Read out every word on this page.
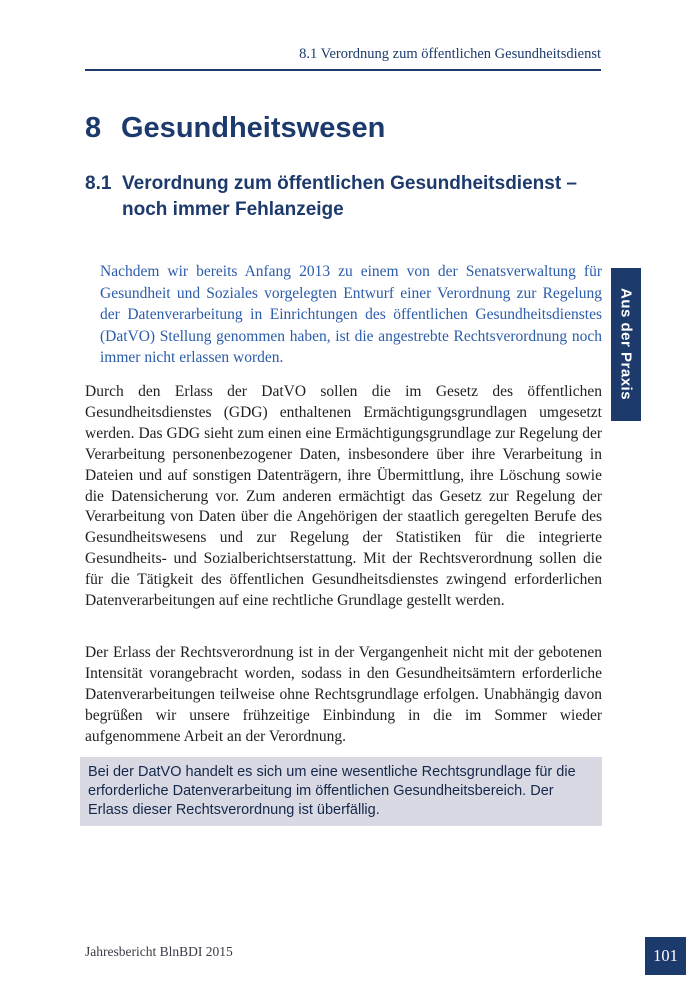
8.1 Verordnung zum öffentlichen Gesundheitsdienst
8 Gesundheitswesen
8.1 Verordnung zum öffentlichen Gesundheitsdienst –
noch immer Fehlanzeige

Nachdem wir bereits Anfang 2013 zu einem von der Senatsverwaltung für Gesundheit und Soziales vorgelegten Entwurf einer Verordnung zur Regelung der Datenverarbeitung in Einrichtungen des öffentlichen Gesundheitsdienstes (DatVO) Stellung genommen haben, ist die angestrebte Rechtsverordnung noch immer nicht erlassen worden.

Durch den Erlass der DatVO sollen die im Gesetz des öffentlichen Gesundheitsdienstes (GDG) enthaltenen Ermächtigungsgrundlagen umgesetzt werden. Das GDG sieht zum einen eine Ermächtigungsgrundlage zur Regelung der Verarbeitung personenbezogener Daten, insbesondere über ihre Verarbeitung in Dateien und auf sonstigen Datenträgern, ihre Übermittlung, ihre Löschung sowie die Datensicherung vor. Zum anderen ermächtigt das Gesetz zur Regelung der Verarbeitung von Daten über die Angehörigen der staatlich geregelten Berufe des Gesundheitswesens und zur Regelung der Statistiken für die integrierte Gesundheits- und Sozialberichtserstattung. Mit der Rechtsverordnung sollen die für die Tätigkeit des öffentlichen Gesundheitsdienstes zwingend erforderlichen Datenverarbeitungen auf eine rechtliche Grundlage gestellt werden.

Der Erlass der Rechtsverordnung ist in der Vergangenheit nicht mit der gebotenen Intensität vorangebracht worden, sodass in den Gesundheitsämtern erforderliche Datenverarbeitungen teilweise ohne Rechtsgrundlage erfolgen. Unabhängig davon begrüßen wir unsere frühzeitige Einbindung in die im Sommer wieder aufgenommene Arbeit an der Verordnung.

Bei der DatVO handelt es sich um eine wesentliche Rechtsgrundlage für die erforderliche Datenverarbeitung im öffentlichen Gesundheitsbereich. Der Erlass dieser Rechtsverordnung ist überfällig.
Aus der Praxis
Jahresbericht BlnBDI 2015	101
